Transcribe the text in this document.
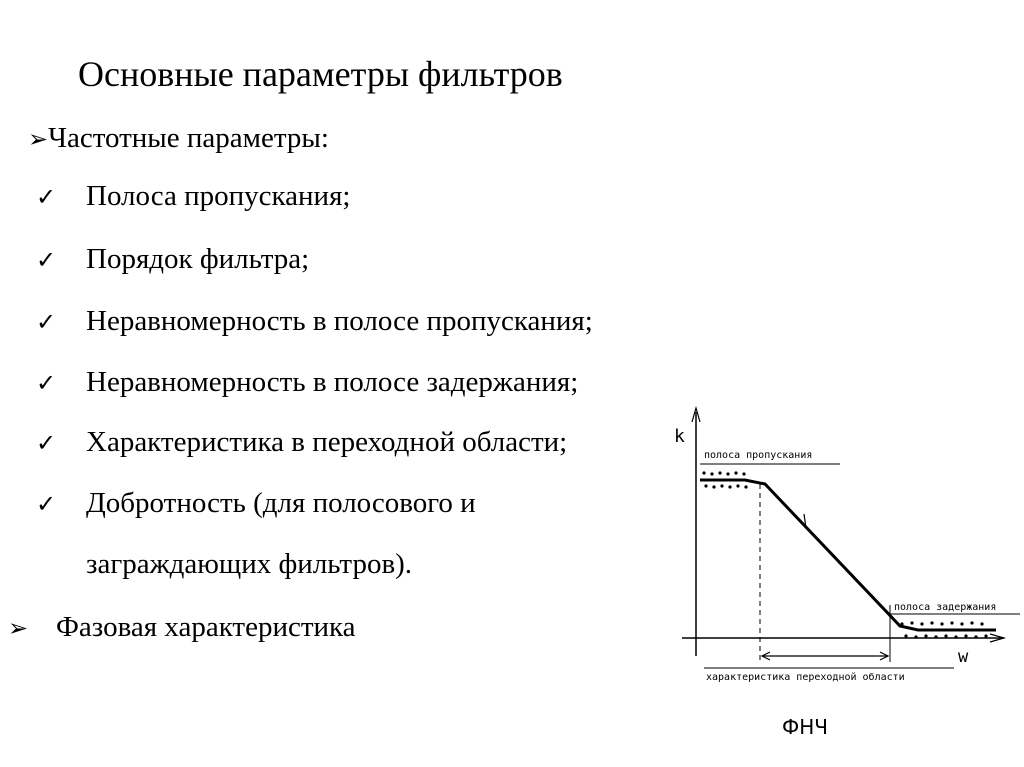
Основные параметры фильтров
➢Частотные параметры:
✓ Полоса пропускания;
✓ Порядок фильтра;
✓ Неравномерность в полосе пропускания;
✓ Неравномерность в полосе задержания;
✓ Характеристика в переходной области;
✓ Добротность (для полосового и
заграждающих фильтров).
➢ Фазовая характеристика
k
w
полоса пропускания
полоса задержания
характеристика переходной области
ФНЧ
